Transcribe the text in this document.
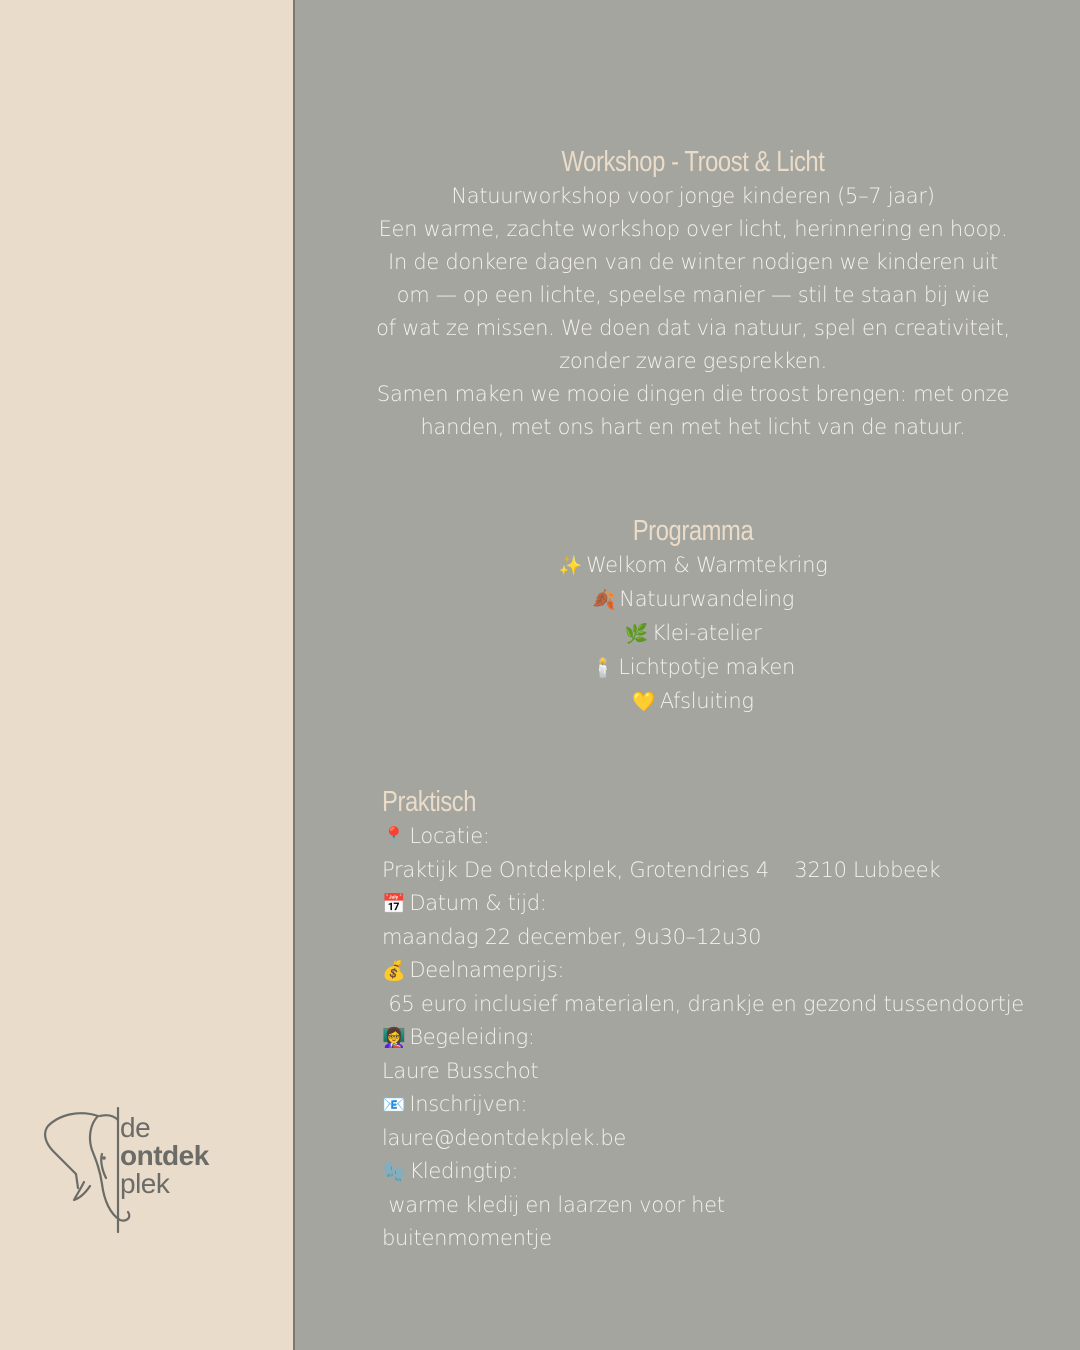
de
ontdek
plek
Workshop - Troost & Licht
Natuurworkshop voor jonge kinderen (5–7 jaar)
Een warme, zachte workshop over licht, herinnering en hoop.
In de donkere dagen van de winter nodigen we kinderen uit
om — op een lichte, speelse manier — stil te staan bij wie
of wat ze missen. We doen dat via natuur, spel en creativiteit,
zonder zware gesprekken.
Samen maken we mooie dingen die troost brengen: met onze
handen, met ons hart en met het licht van de natuur.
Programma
✨ Welkom & Warmtekring
🍂 Natuurwandeling
🌿 Klei-atelier
🕯️ Lichtpotje maken
💛 Afsluiting
Praktisch
📍 Locatie:
Praktijk De Ontdekplek, Grotendries 4    3210 Lubbeek
📅 Datum & tijd:
maandag 22 december, 9u30–12u30
💰 Deelnameprijs:
65 euro inclusief materialen, drankje en gezond tussendoortje
👩‍🏫 Begeleiding:
Laure Busschot
📧 Inschrijven:
laure@deontdekplek.be
🧤 Kledingtip:
warme kledij en laarzen voor het
buitenmomentje
